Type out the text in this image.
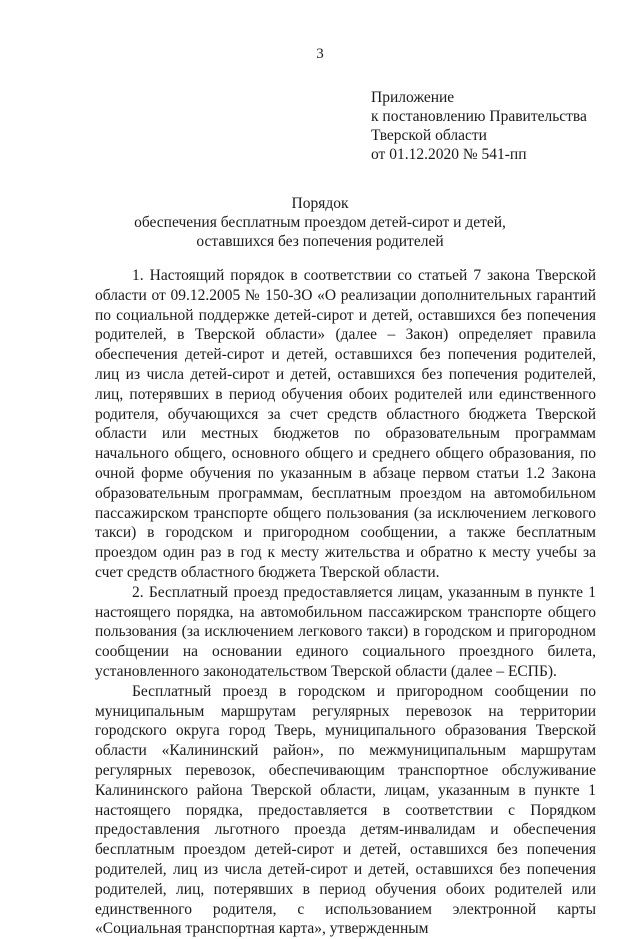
3
Приложение
к постановлению Правительства
Тверской области
от 01.12.2020 № 541-пп
Порядок
обеспечения бесплатным проездом детей-сирот и детей,
оставшихся без попечения родителей

1. Настоящий порядок в соответствии со статьей 7 закона Тверской области от 09.12.2005 № 150-ЗО «О реализации дополнительных гарантий по социальной поддержке детей-сирот и детей, оставшихся без попечения родителей, в Тверской области» (далее – Закон) определяет правила обеспечения детей-сирот и детей, оставшихся без попечения родителей, лиц из числа детей-сирот и детей, оставшихся без попечения родителей, лиц, потерявших в период обучения обоих родителей или единственного родителя, обучающихся за счет средств областного бюджета Тверской области или местных бюджетов по образовательным программам начального общего, основного общего и среднего общего образования, по очной форме обучения по указанным в абзаце первом статьи 1.2 Закона образовательным программам, бесплатным проездом на автомобильном пассажирском транспорте общего пользования (за исключением легкового такси) в городском и пригородном сообщении, а также бесплатным проездом один раз в год к месту жительства и обратно к месту учебы за счет средств областного бюджета Тверской области.

2. Бесплатный проезд предоставляется лицам, указанным в пункте 1 настоящего порядка, на автомобильном пассажирском транспорте общего пользования (за исключением легкового такси) в городском и пригородном сообщении на основании единого социального проездного билета, установленного законодательством Тверской области (далее – ЕСПБ).

Бесплатный проезд в городском и пригородном сообщении по муниципальным маршрутам регулярных перевозок на территории городского округа город Тверь, муниципального образования Тверской области «Калининский район», по межмуниципальным маршрутам регулярных перевозок, обеспечивающим транспортное обслуживание Калининского района Тверской области, лицам, указанным в пункте 1 настоящего порядка, предоставляется в соответствии с Порядком предоставления льготного проезда детям-инвалидам и обеспечения бесплатным проездом детей-сирот и детей, оставшихся без попечения родителей, лиц из числа детей-сирот и детей, оставшихся без попечения родителей, лиц, потерявших в период обучения обоих родителей или единственного родителя, с использованием электронной карты «Социальная транспортная карта», утвержденным
